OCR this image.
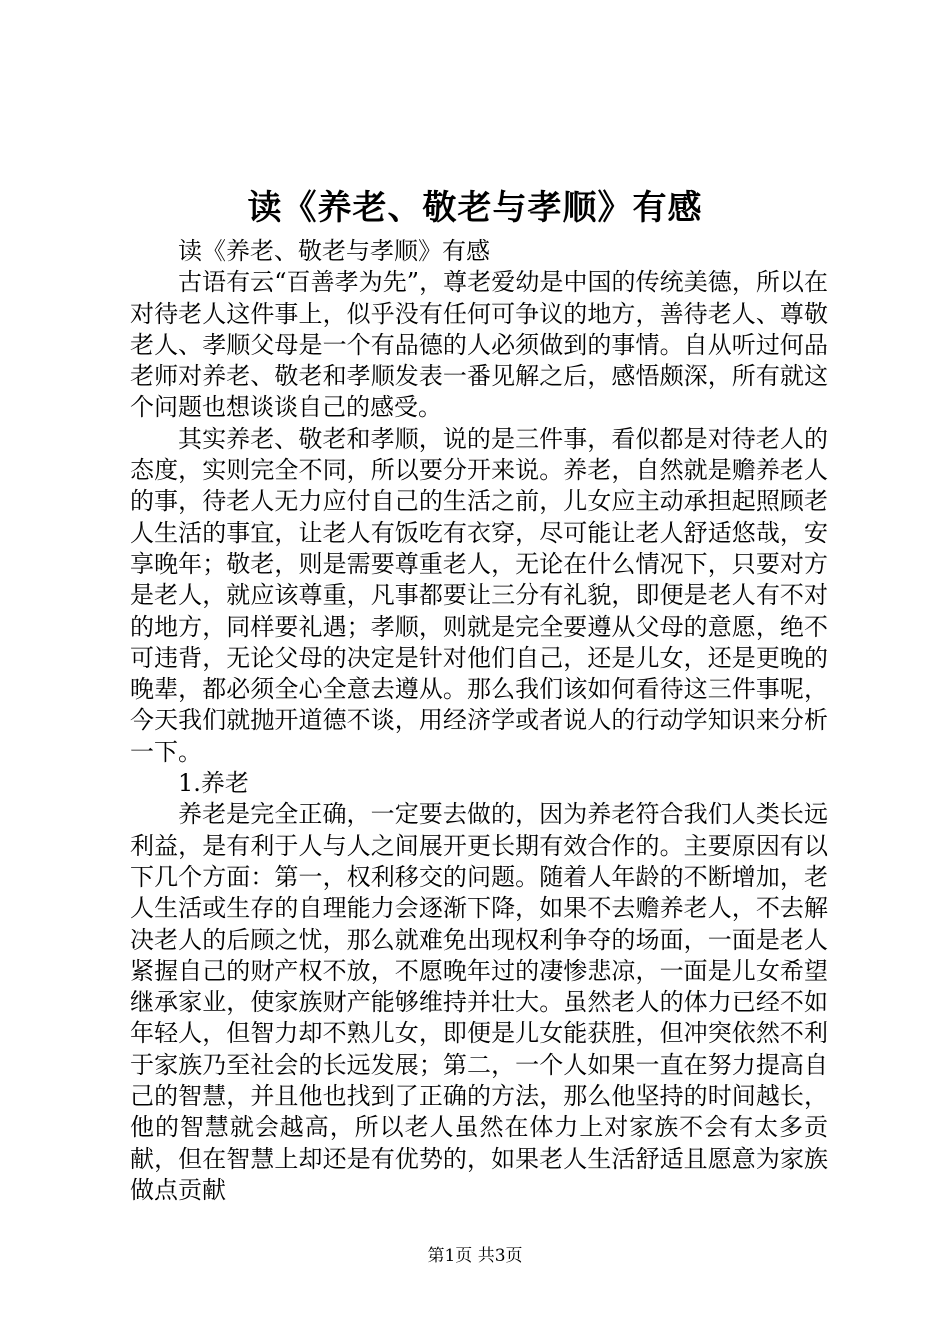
读《养老、敬老与孝顺》有感

读《养老、敬老与孝顺》有感

古语有云“百善孝为先”，尊老爱幼是中国的传统美德，所以在对待老人这件事上，似乎没有任何可争议的地方，善待老人、尊敬老人、孝顺父母是一个有品德的人必须做到的事情。自从听过何品老师对养老、敬老和孝顺发表一番见解之后，感悟颇深，所有就这个问题也想谈谈自己的感受。

其实养老、敬老和孝顺，说的是三件事，看似都是对待老人的态度，实则完全不同，所以要分开来说。养老，自然就是赡养老人的事，待老人无力应付自己的生活之前，儿女应主动承担起照顾老人生活的事宜，让老人有饭吃有衣穿，尽可能让老人舒适悠哉，安享晚年；敬老，则是需要尊重老人，无论在什么情况下，只要对方是老人，就应该尊重，凡事都要让三分有礼貌，即便是老人有不对的地方，同样要礼遇；孝顺，则就是完全要遵从父母的意愿，绝不可违背，无论父母的决定是针对他们自己，还是儿女，还是更晚的晚辈，都必须全心全意去遵从。那么我们该如何看待这三件事呢，今天我们就抛开道德不谈，用经济学或者说人的行动学知识来分析一下。

1.养老

养老是完全正确，一定要去做的，因为养老符合我们人类长远利益，是有利于人与人之间展开更长期有效合作的。主要原因有以下几个方面：第一，权利移交的问题。随着人年龄的不断增加，老人生活或生存的自理能力会逐渐下降，如果不去赡养老人，不去解决老人的后顾之忧，那么就难免出现权利争夺的场面，一面是老人紧握自己的财产权不放，不愿晚年过的凄惨悲凉，一面是儿女希望继承家业，使家族财产能够维持并壮大。虽然老人的体力已经不如年轻人，但智力却不熟儿女，即便是儿女能获胜，但冲突依然不利于家族乃至社会的长远发展；第二，一个人如果一直在努力提高自己的智慧，并且他也找到了正确的方法，那么他坚持的时间越长，他的智慧就会越高，所以老人虽然在体力上对家族不会有太多贡献，但在智慧上却还是有优势的，如果老人生活舒适且愿意为家族做点贡献

第1页 共3页
